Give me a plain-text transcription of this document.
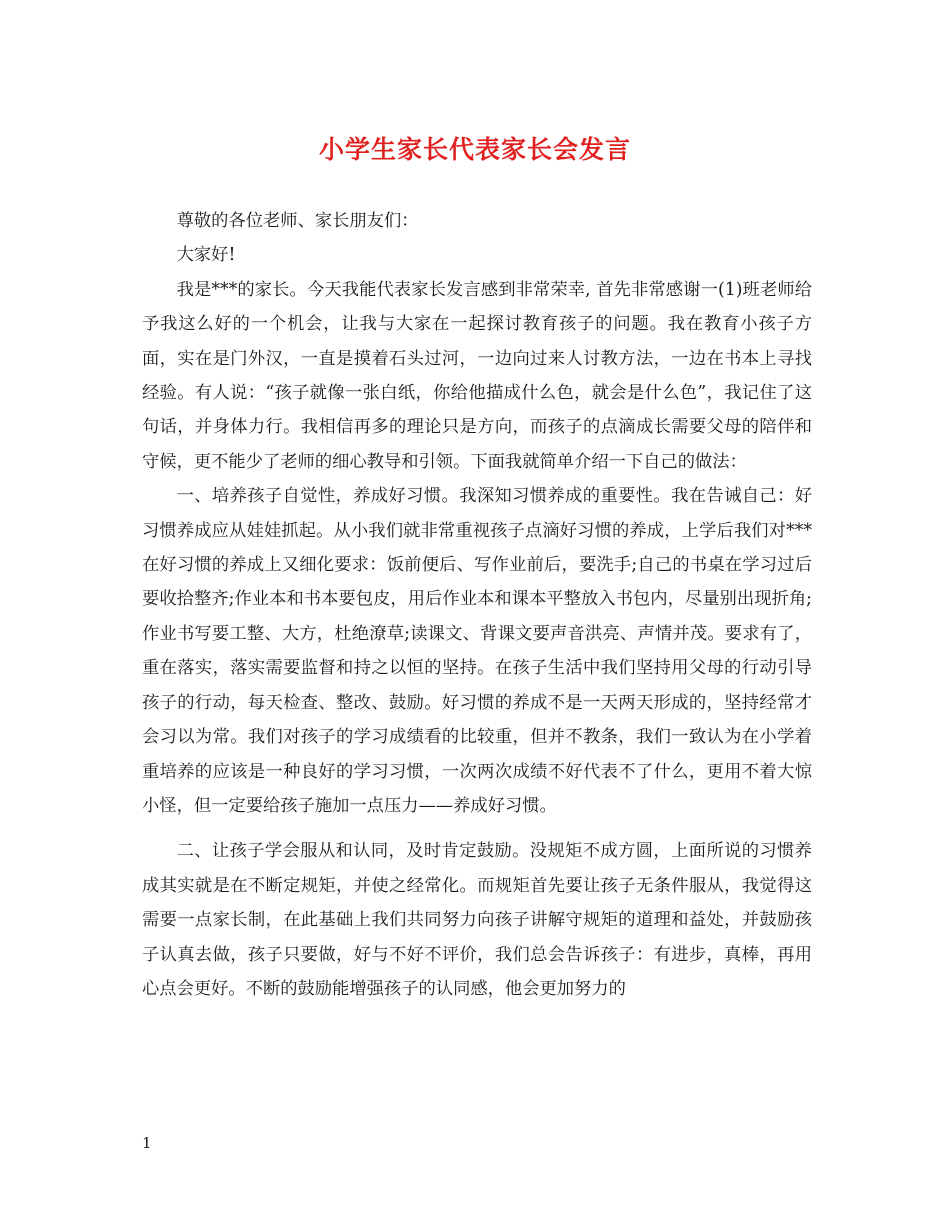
小学生家长代表家长会发言

尊敬的各位老师、家长朋友们：

大家好!

我是***的家长。今天我能代表家长发言感到非常荣幸, 首先非常感谢一(1)班老师给予我这么好的一个机会，让我与大家在一起探讨教育孩子的问题。我在教育小孩子方面，实在是门外汉，一直是摸着石头过河，一边向过来人讨教方法，一边在书本上寻找经验。有人说：“孩子就像一张白纸，你给他描成什么色，就会是什么色”，我记住了这句话，并身体力行。我相信再多的理论只是方向，而孩子的点滴成长需要父母的陪伴和守候，更不能少了老师的细心教导和引领。下面我就简单介绍一下自己的做法：

一、培养孩子自觉性，养成好习惯。我深知习惯养成的重要性。我在告诫自己：好习惯养成应从娃娃抓起。从小我们就非常重视孩子点滴好习惯的养成，上学后我们对***在好习惯的养成上又细化要求：饭前便后、写作业前后，要洗手;自己的书桌在学习过后要收拾整齐;作业本和书本要包皮，用后作业本和课本平整放入书包内，尽量别出现折角;作业书写要工整、大方，杜绝潦草;读课文、背课文要声音洪亮、声情并茂。要求有了，重在落实，落实需要监督和持之以恒的坚持。在孩子生活中我们坚持用父母的行动引导孩子的行动，每天检查、整改、鼓励。好习惯的养成不是一天两天形成的，坚持经常才会习以为常。我们对孩子的学习成绩看的比较重，但并不教条，我们一致认为在小学着重培养的应该是一种良好的学习习惯，一次两次成绩不好代表不了什么，更用不着大惊小怪，但一定要给孩子施加一点压力——养成好习惯。

二、让孩子学会服从和认同，及时肯定鼓励。没规矩不成方圆，上面所说的习惯养成其实就是在不断定规矩，并使之经常化。而规矩首先要让孩子无条件服从，我觉得这需要一点家长制，在此基础上我们共同努力向孩子讲解守规矩的道理和益处，并鼓励孩子认真去做，孩子只要做，好与不好不评价，我们总会告诉孩子：有进步，真棒，再用心点会更好。不断的鼓励能增强孩子的认同感，他会更加努力的

1
